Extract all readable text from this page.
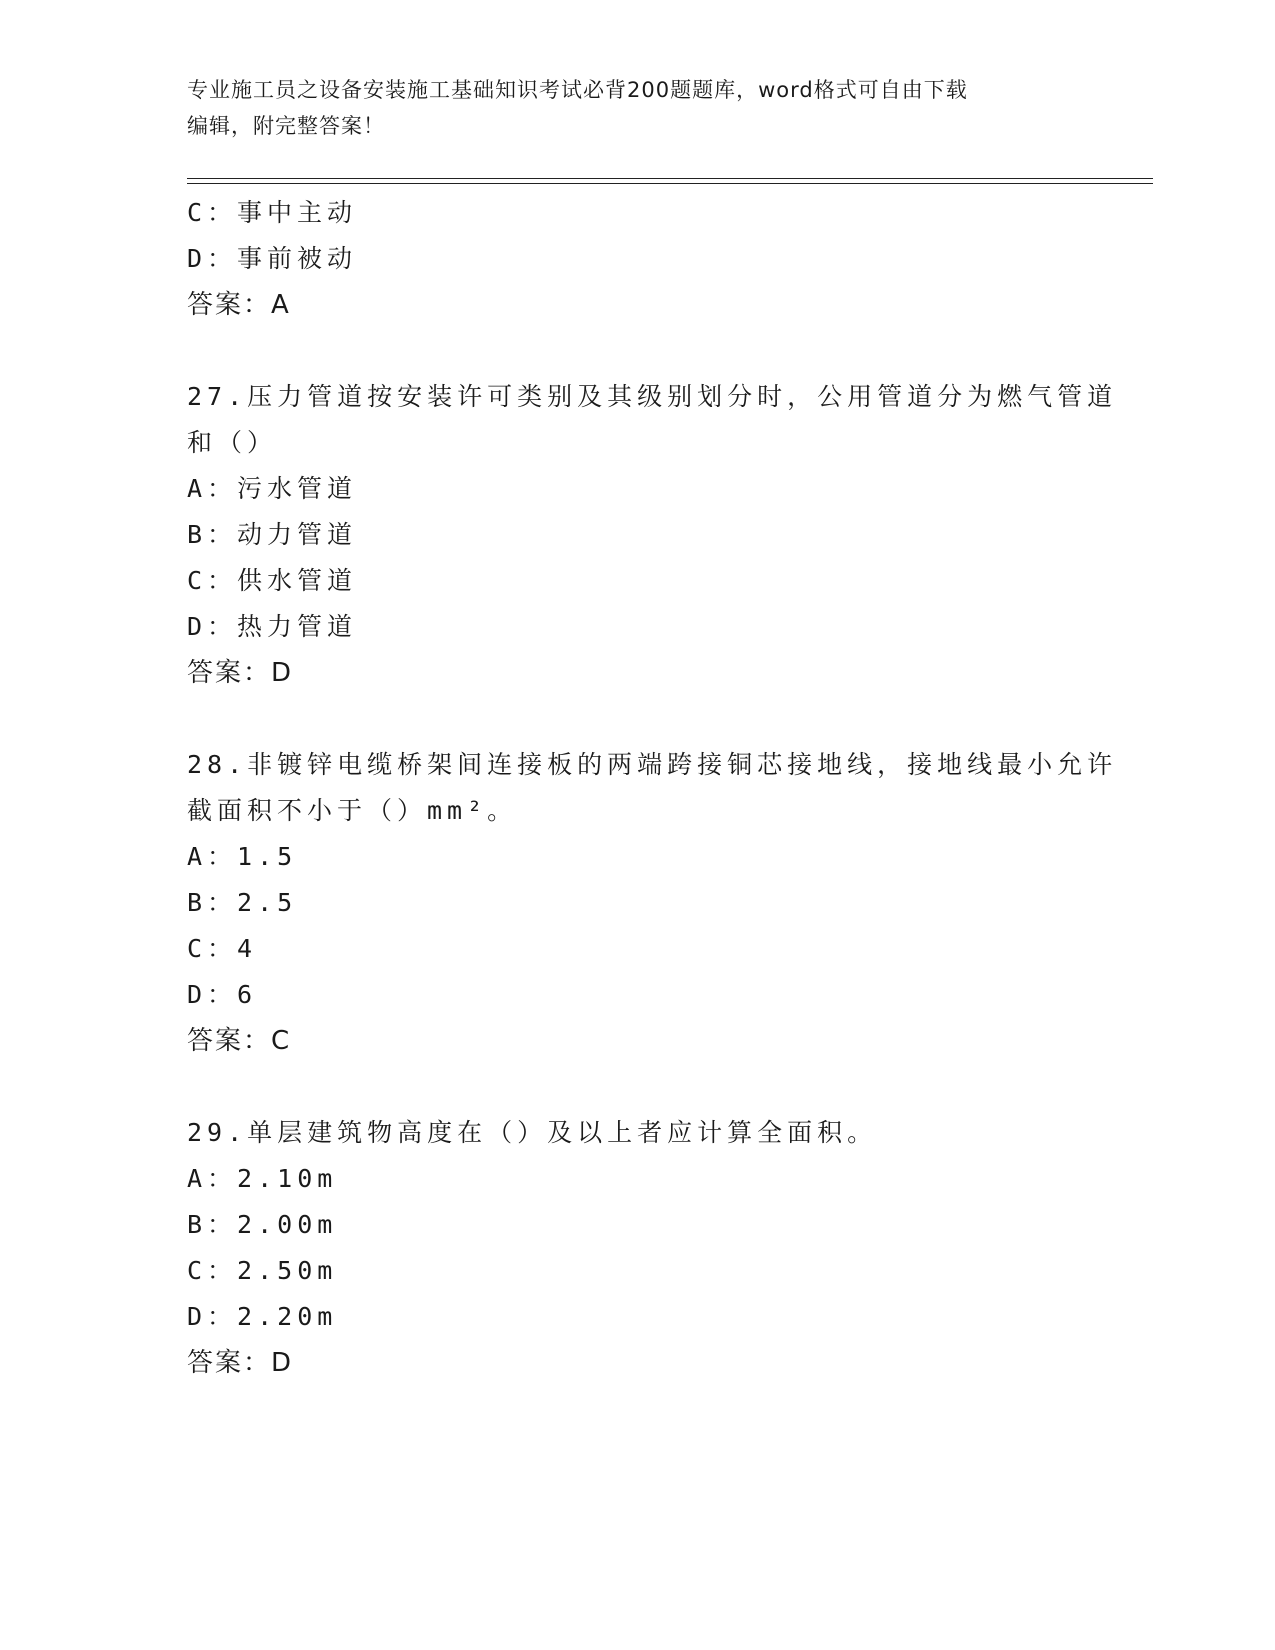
专业施工员之设备安装施工基础知识考试必背200题题库，word格式可自由下载
编辑，附完整答案！
C：事中主动
D：事前被动
答案：A
27.压力管道按安装许可类别及其级别划分时，公用管道分为燃气管道
和（）
A：污水管道
B：动力管道
C：供水管道
D：热力管道
答案：D
28.非镀锌电缆桥架间连接板的两端跨接铜芯接地线，接地线最小允许
截面积不小于（）mm²。
A：1.5
B：2.5
C：4
D：6
答案：C
29.单层建筑物高度在（）及以上者应计算全面积。
A：2.10m
B：2.00m
C：2.50m
D：2.20m
答案：D
